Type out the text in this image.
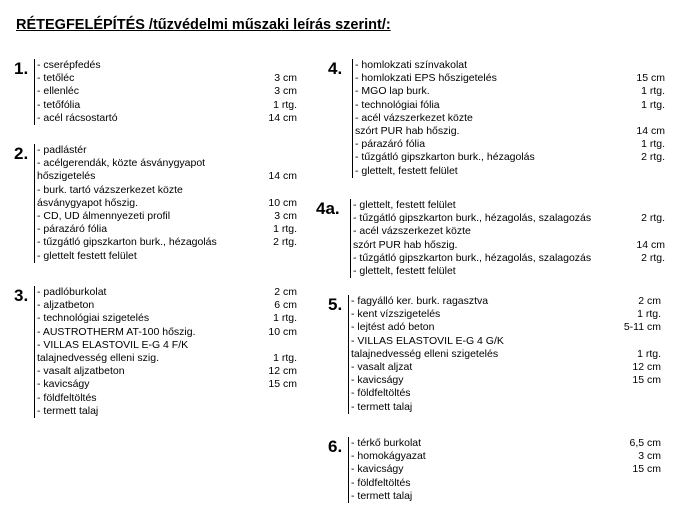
RÉTEGFELÉPÍTÉS /tűzvédelmi műszaki leírás szerint/:
1. - cserépfedés
- tetőléc	3 cm
- ellenléc	3 cm
- tetőfólia	1 rtg.
- acél rácsostartó	14 cm
2. - padlástér
- acélgerendák, közte ásványgyapot
hőszigetelés	14 cm
- burk. tartó vázszerkezet közte
ásványgyapot hőszig.	10 cm
- CD, UD álmennyezeti profil	3 cm
- párazáró fólia	1 rtg.
- tűzgátló gipszkarton burk., hézagolás	2 rtg.
- glettelt festett felület
3. - padlóburkolat	2 cm
- aljzatbeton	6 cm
- technológiai szigetelés	1 rtg.
- AUSTROTHERM AT-100 hőszig.	10 cm
- VILLAS ELASTOVIL E-G 4 F/K
talajnedvesség elleni szig.	1 rtg.
- vasalt aljzatbeton	12 cm
- kavicságy	15 cm
- földfeltöltés
- termett talaj
4. - homlokzati színvakolat
- homlokzati EPS hőszigetelés	15 cm
- MGO lap burk.	1 rtg.
- technológiai fólia	1 rtg.
- acél vázszerkezet közte
szórt PUR hab hőszig.	14 cm
- párazáró fólia	1 rtg.
- tűzgátló gipszkarton burk., hézagolás	2 rtg.
- glettelt, festett felület
4a. - glettelt, festett felület
- tűzgátló gipszkarton burk., hézagolás, szalagozás	2 rtg.
- acél vázszerkezet közte
szórt PUR hab hőszig.	14 cm
- tűzgátló gipszkarton burk., hézagolás, szalagozás	2 rtg.
- glettelt, festett felület
5. - fagyálló ker. burk. ragasztva	2 cm
- kent vízszigetelés	1 rtg.
- lejtést adó beton	5-11 cm
- VILLAS ELASTOVIL E-G 4 G/K
talajnedvesség elleni szigetelés	1 rtg.
- vasalt aljzat	12 cm
- kavicságy	15 cm
- földfeltöltés
- termett talaj
6. - térkő burkolat	6,5 cm
- homokágyazat	3 cm
- kavicságy	15 cm
- földfeltöltés
- termett talaj
